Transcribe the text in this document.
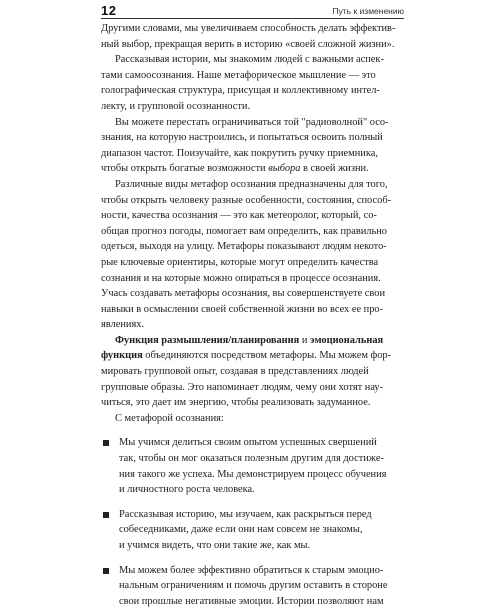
12	Путь к изменению
Другими словами, мы увеличиваем способность делать эффектив-
ный выбор, прекращая верить в историю «своей сложной жизни».
Рассказывая истории, мы знакомим людей с важными аспек-
тами самоосознания. Наше метафорическое мышление — это
голографическая структура, присущая и коллективному интел-
лекту, и групповой осознанности.
Вы можете перестать ограничиваться той "радиоволной" осо-
знания, на которую настроились, и попытаться освоить полный
диапазон частот. Поизучайте, как покрутить ручку приемника,
чтобы открыть богатые возможности выбора в своей жизни.
Различные виды метафор осознания предназначены для того,
чтобы открыть человеку разные особенности, состояния, способ-
ности, качества осознания — это как метеоролог, который, со-
общая прогноз погоды, помогает вам определить, как правильно
одеться, выходя на улицу. Метафоры показывают людям некото-
рые ключевые ориентиры, которые могут определить качества
сознания и на которые можно опираться в процессе осознания.
Учась создавать метафоры осознания, вы совершенствуете свои
навыки в осмыслении своей собственной жизни во всех ее про-
явлениях.
Функция размышления/планирования и эмоциональная
функция объединяются посредством метафоры. Мы можем фор-
мировать групповой опыт, создавая в представлениях людей
групповые образы. Это напоминает людям, чему они хотят нау-
читься, это дает им энергию, чтобы реализовать задуманное.
С метафорой осознания:
Мы учимся делиться своим опытом успешных свершений
так, чтобы он мог оказаться полезным другим для достиже-
ния такого же успеха. Мы демонстрируем процесс обучения
и личностного роста человека.
Рассказывая историю, мы изучаем, как раскрыться перед
собеседниками, даже если они нам совсем не знакомы,
и учимся видеть, что они такие же, как мы.
Мы можем более эффективно обратиться к старым эмоцио-
нальным ограничениям и помочь другим оставить в стороне
свои прошлые негативные эмоции. Истории позволяют нам
